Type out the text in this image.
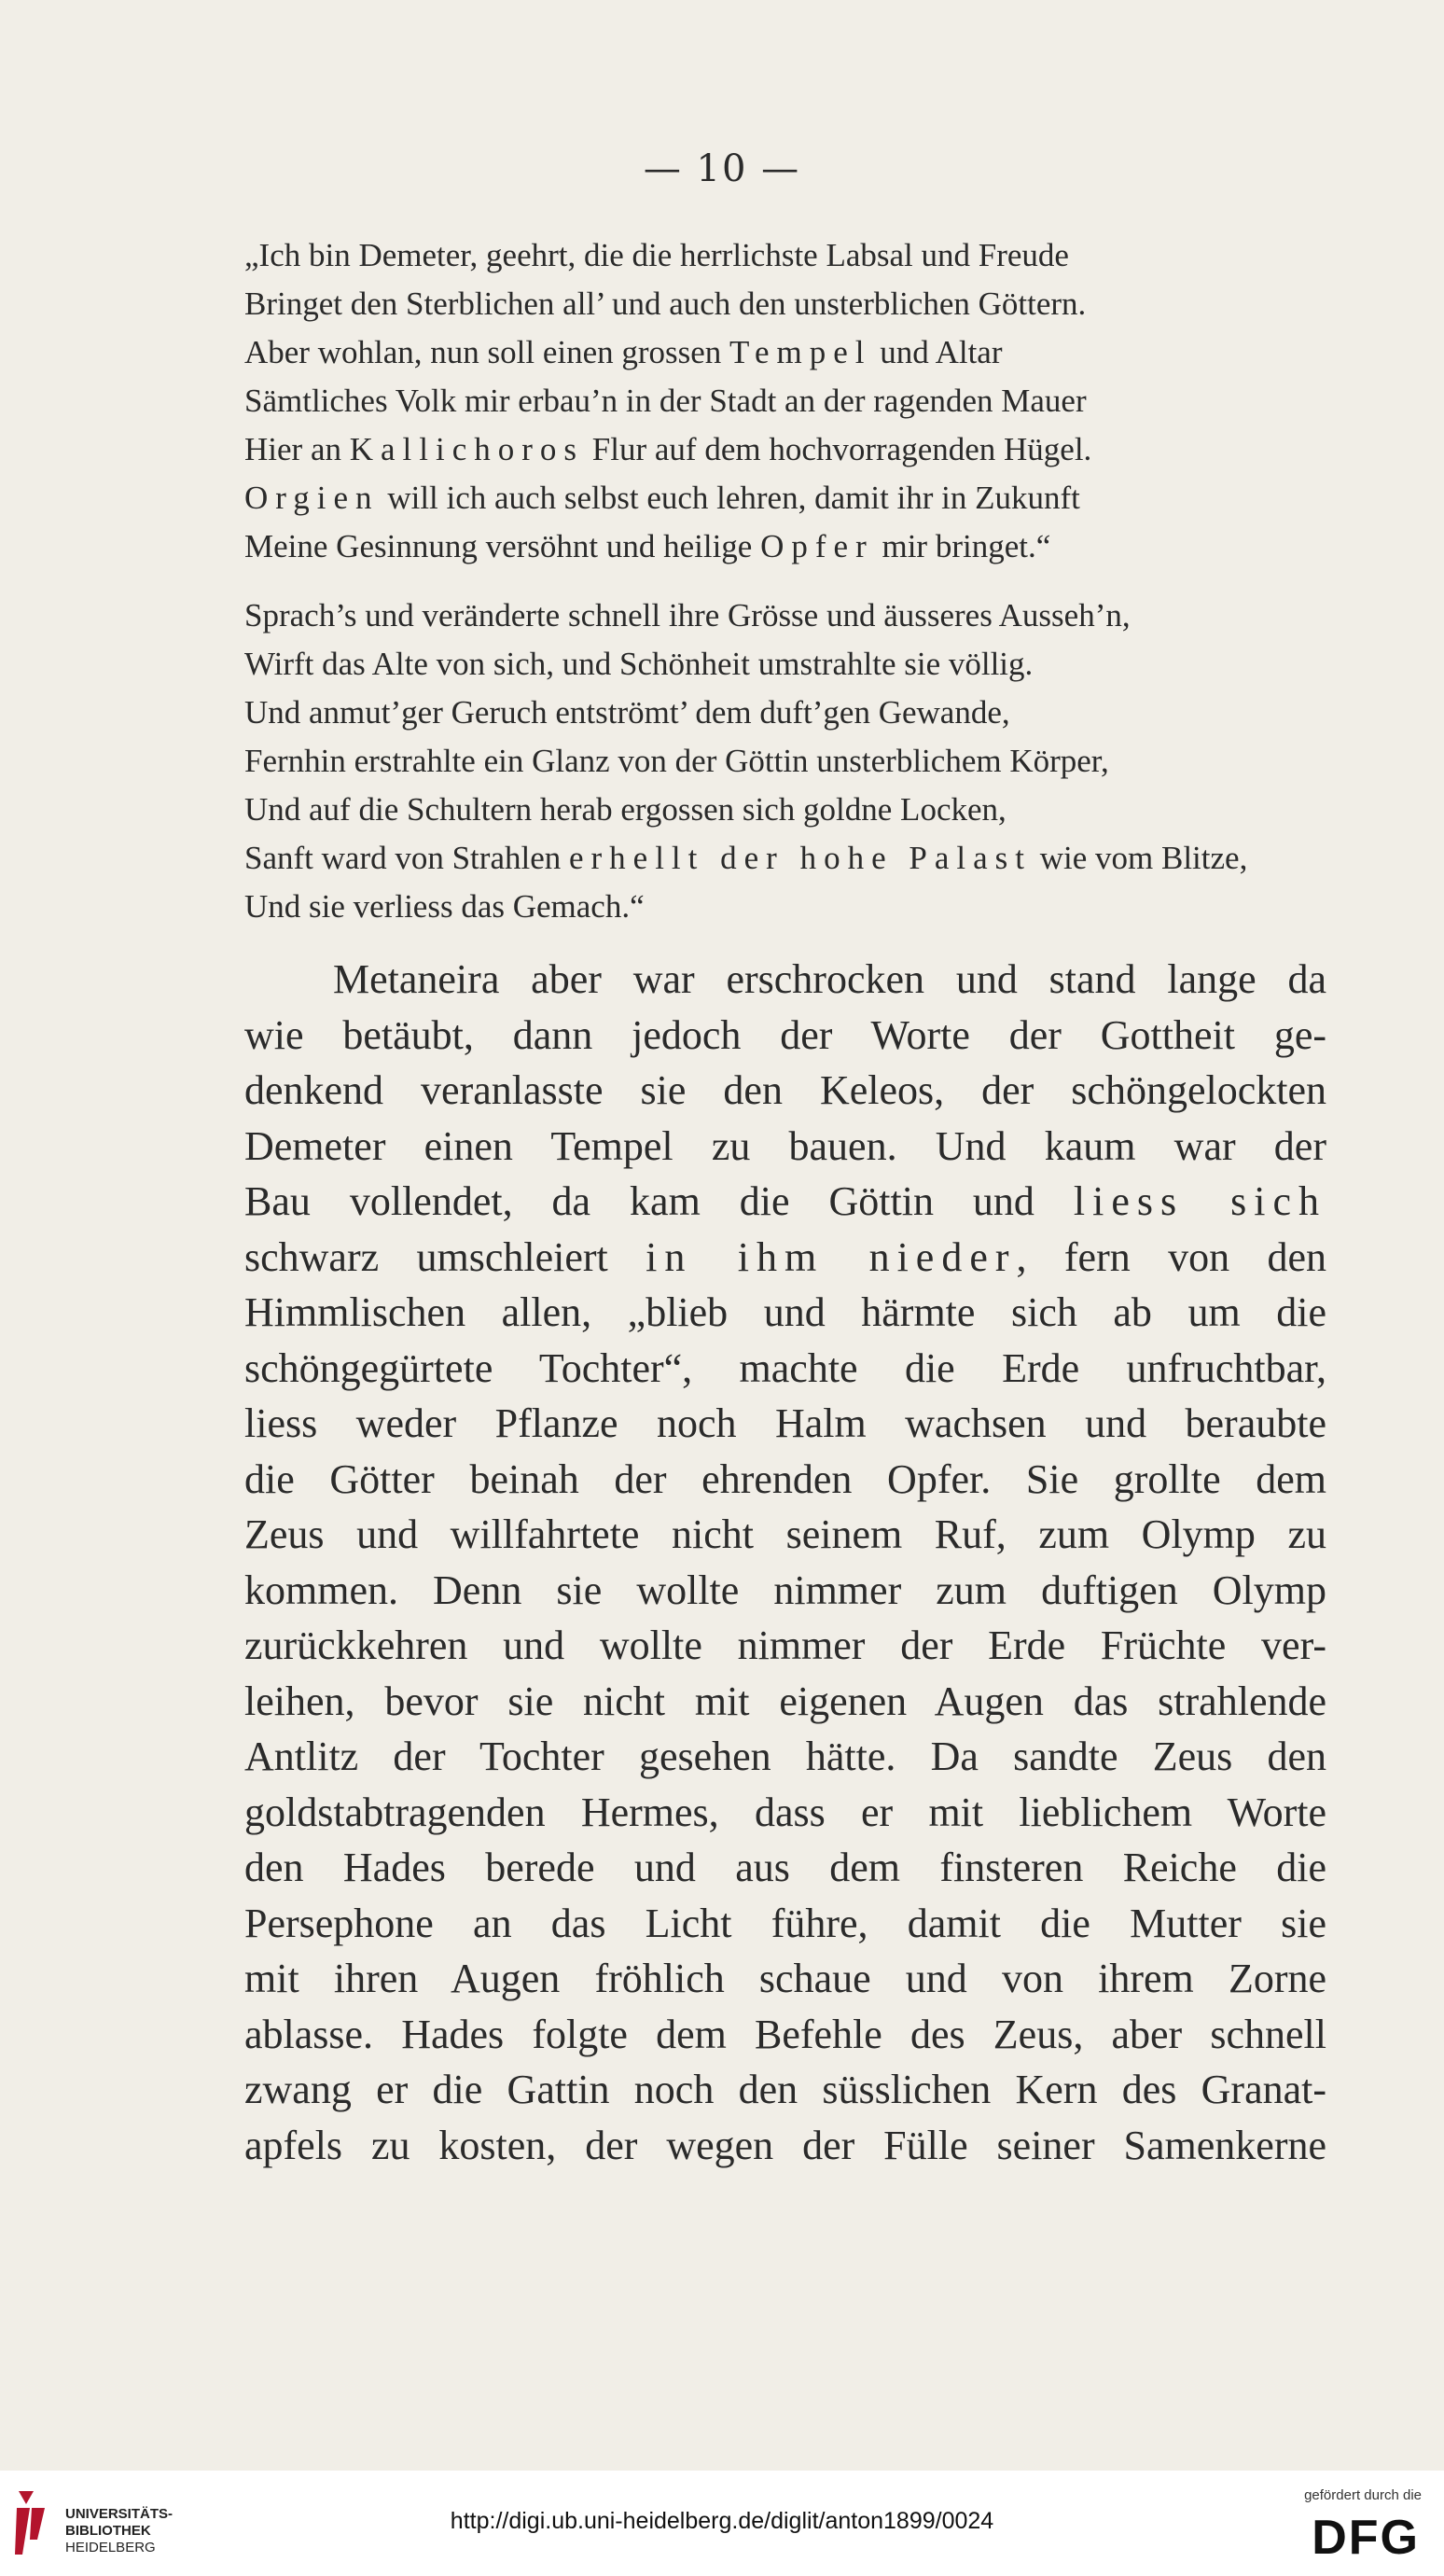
— 10 —
„Ich bin Demeter, geehrt, die die herrlichste Labsal und Freude
Bringet den Sterblichen all’ und auch den unsterblichen Göttern.
Aber wohlan, nun soll einen grossen Tempel und Altar
Sämtliches Volk mir erbau’n in der Stadt an der ragenden Mauer
Hier an Kallichoros Flur auf dem hochvorragenden Hügel.
Orgien will ich auch selbst euch lehren, damit ihr in Zukunft
Meine Gesinnung versöhnt und heilige Opfer mir bringet.“
Sprach’s und veränderte schnell ihre Grösse und äusseres Ausseh’n,
Wirft das Alte von sich, und Schönheit umstrahlte sie völlig.
Und anmut’ger Geruch entströmt’ dem duft’gen Gewande,
Fernhin erstrahlte ein Glanz von der Göttin unsterblichem Körper,
Und auf die Schultern herab ergossen sich goldne Locken,
Sanft ward von Strahlen erhellt der hohe Palast wie vom Blitze,
Und sie verliess das Gemach.“
Metaneira aber war erschrocken und stand lange da
wie betäubt, dann jedoch der Worte der Gottheit ge-
denkend veranlasste sie den Keleos, der schöngelockten
Demeter einen Tempel zu bauen. Und kaum war der
Bau vollendet, da kam die Göttin und liess sich
schwarz umschleiert in ihm nieder, fern von den
Himmlischen allen, „blieb und härmte sich ab um die
schöngegürtete Tochter“, machte die Erde unfruchtbar,
liess weder Pflanze noch Halm wachsen und beraubte
die Götter beinah der ehrenden Opfer. Sie grollte dem
Zeus und willfahrtete nicht seinem Ruf, zum Olymp zu
kommen. Denn sie wollte nimmer zum duftigen Olymp
zurückkehren und wollte nimmer der Erde Früchte ver-
leihen, bevor sie nicht mit eigenen Augen das strahlende
Antlitz der Tochter gesehen hätte. Da sandte Zeus den
goldstabtragenden Hermes, dass er mit lieblichem Worte
den Hades berede und aus dem finsteren Reiche die
Persephone an das Licht führe, damit die Mutter sie
mit ihren Augen fröhlich schaue und von ihrem Zorne
ablasse. Hades folgte dem Befehle des Zeus, aber schnell
zwang er die Gattin noch den süsslichen Kern des Granat-
apfels zu kosten, der wegen der Fülle seiner Samenkerne
UNIVERSITÄTS-
BIBLIOTHEK
HEIDELBERG
http://digi.ub.uni-heidelberg.de/diglit/anton1899/0024
gefördert durch die
DFG
